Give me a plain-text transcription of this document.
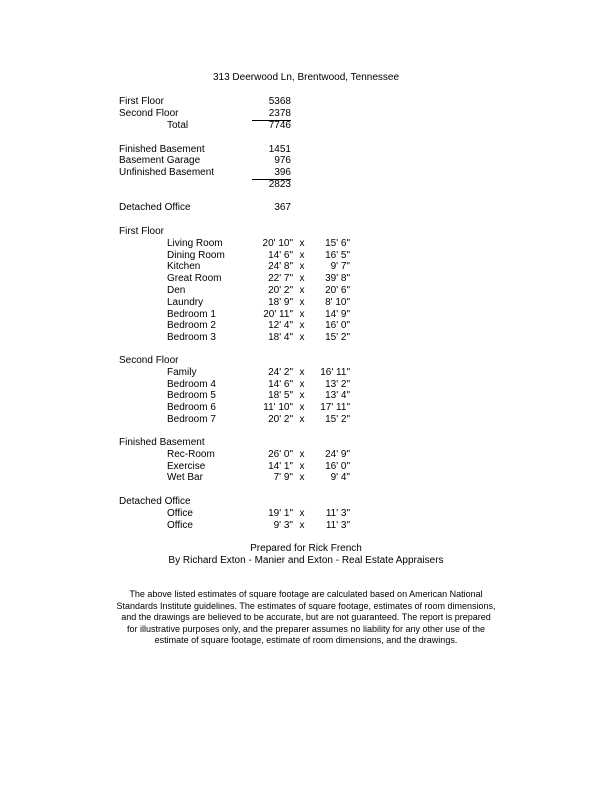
313 Deerwood Ln, Brentwood, Tennessee
First Floor	5368
Second Floor	2378
Total	7746
Finished Basement	1451
Basement Garage	976
Unfinished Basement	396
2823
Detached Office	367
First Floor
Living Room	20' 10" x	15' 6"
Dining Room	14' 6" x	16' 5"
Kitchen	24' 8" x	9' 7"
Great Room	22' 7" x	39' 8"
Den	20' 2" x	20' 6"
Laundry	18' 9" x	8' 10"
Bedroom 1	20' 11" x	14' 9"
Bedroom 2	12' 4" x	16' 0"
Bedroom 3	18' 4" x	15' 2"
Second Floor
Family	24' 2" x	16' 11"
Bedroom 4	14' 6" x	13' 2"
Bedroom 5	18' 5" x	13' 4"
Bedroom 6	11' 10" x	17' 11"
Bedroom 7	20' 2" x	15' 2"
Finished Basement
Rec-Room	26' 0" x	24' 9"
Exercise	14' 1" x	16' 0"
Wet Bar	7' 9" x	9' 4"
Detached Office
Office	19' 1" x	11' 3"
Office	9' 3" x	11' 3"
Prepared for Rick French
By Richard Exton - Manier and Exton - Real Estate Appraisers
The above listed estimates of square footage are calculated based on American National Standards Institute guidelines. The estimates of square footage, estimates of room dimensions, and the drawings are believed to be accurate, but are not guaranteed. The report is prepared for illustrative purposes only, and the preparer assumes no liability for any other use of the estimate of square footage, estimate of room dimensions, and the drawings.
